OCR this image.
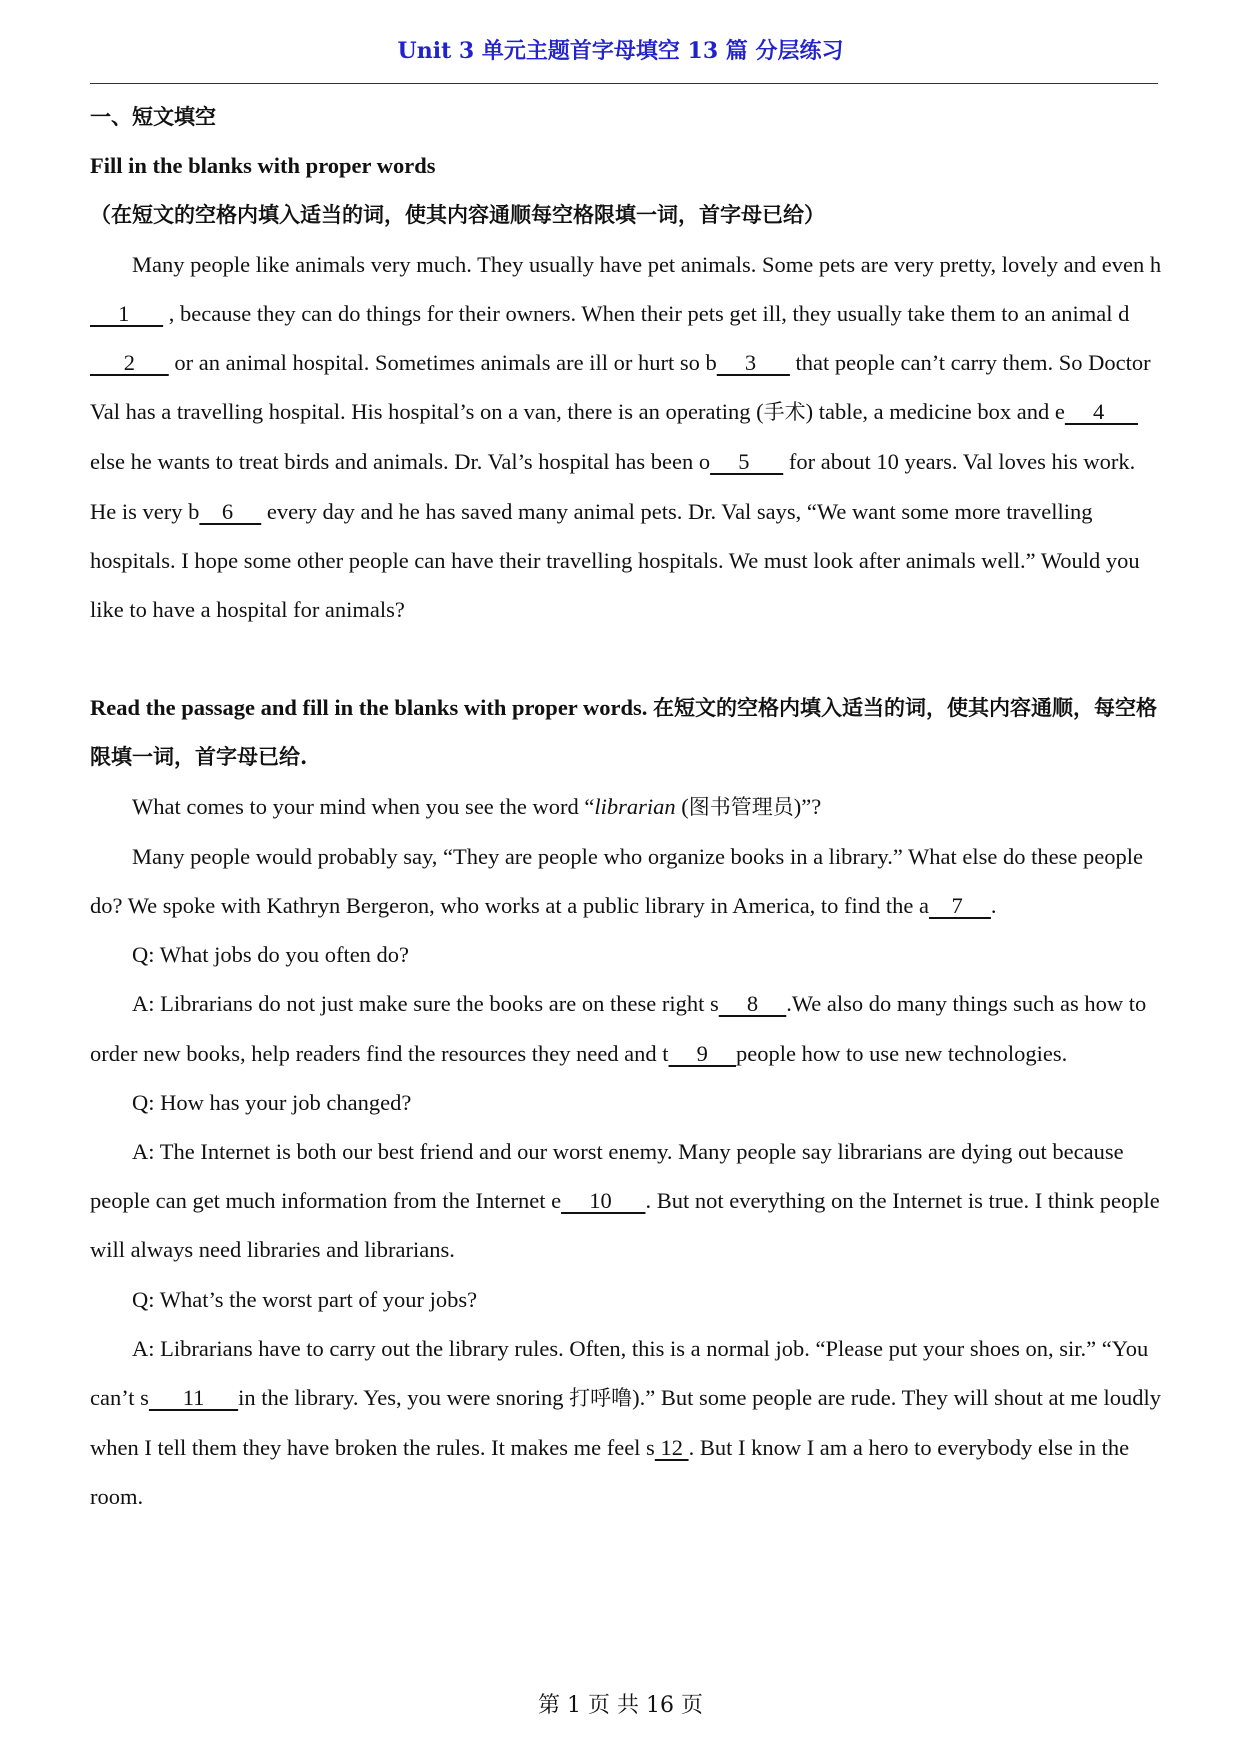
Unit 3 单元主题首字母填空 13 篇 分层练习

一、短文填空

Fill in the blanks with proper words（在短文的空格内填入适当的词，使其内容通顺每空格限填一词，首字母已给）

Many people like animals very much. They usually have pet animals. Some pets are very pretty, lovely and even h     1       , because they can do things for their owners. When their pets get ill, they usually take them to an animal d       2       or an animal hospital. Sometimes animals are ill or hurt so b     3       that people can’t carry them. So Doctor Val has a travelling hospital. His hospital’s on a van, there is an operating (手术) table, a medicine box and e     4       else he wants to treat birds and animals. Dr. Val’s hospital has been o     5       for about 10 years. Val loves his work. He is very b    6      every day and he has saved many animal pets. Dr. Val says, “We want some more travelling hospitals. I hope some other people can have their travelling hospitals. We must look after animals well.” Would you like to have a hospital for animals?

Read the passage and fill in the blanks with proper words. 在短文的空格内填入适当的词，使其内容通顺，每空格限填一词，首字母已给.

What comes to your mind when you see the word “librarian (图书管理员)”?

Many people would probably say, “They are people who organize books in a library.” What else do these people do? We spoke with Kathryn Bergeron, who works at a public library in America, to find the a    7     .

Q: What jobs do you often do?

A: Librarians do not just make sure the books are on these right s     8     .We also do many things such as how to order new books, help readers find the resources they need and t     9     people how to use new technologies.

Q: How has your job changed?

A: The Internet is both our best friend and our worst enemy. Many people say librarians are dying out because people can get much information from the Internet e     10      . But not everything on the Internet is true. I think people will always need libraries and librarians.

Q: What’s the worst part of your jobs?

A: Librarians have to carry out the library rules. Often, this is a normal job. “Please put your shoes on, sir.” “You can’t s      11      in the library. Yes, you were snoring 打呼噜).” But some people are rude. They will shout at me loudly when I tell them they have broken the rules. It makes me feel s 12 . But I know I am a hero to everybody else in the room.

第 1 页 共 16 页
